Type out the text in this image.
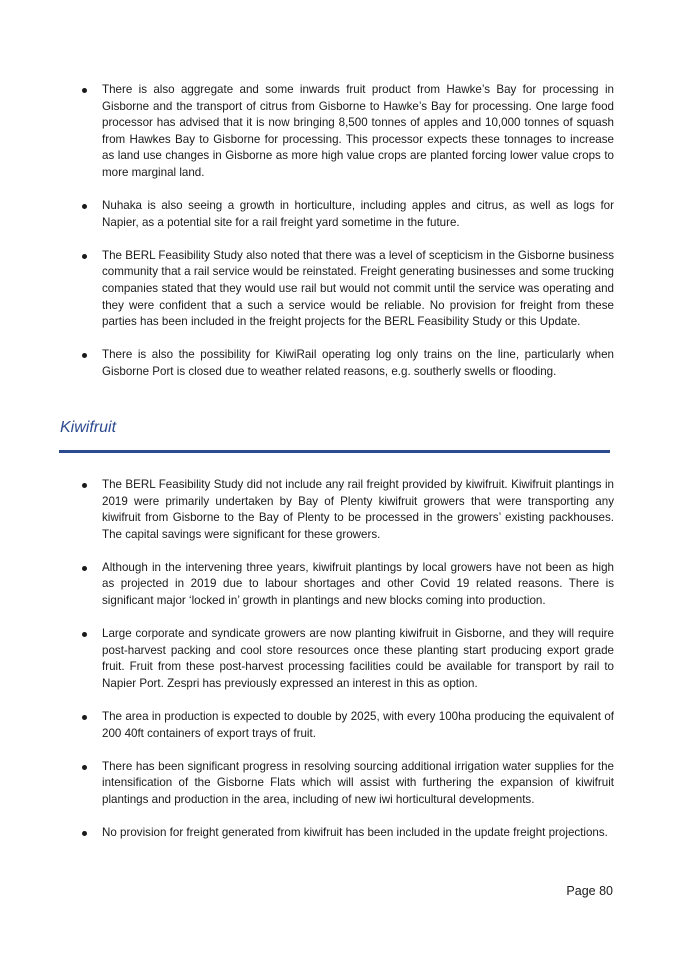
There is also aggregate and some inwards fruit product from Hawke’s Bay for processing in Gisborne and the transport of citrus from Gisborne to Hawke’s Bay for processing. One large food processor has advised that it is now bringing 8,500 tonnes of apples and 10,000 tonnes of squash from Hawkes Bay to Gisborne for processing. This processor expects these tonnages to increase as land use changes in Gisborne as more high value crops are planted forcing lower value crops to more marginal land.
Nuhaka is also seeing a growth in horticulture, including apples and citrus, as well as logs for Napier, as a potential site for a rail freight yard sometime in the future.
The BERL Feasibility Study also noted that there was a level of scepticism in the Gisborne business community that a rail service would be reinstated. Freight generating businesses and some trucking companies stated that they would use rail but would not commit until the service was operating and they were confident that a such a service would be reliable. No provision for freight from these parties has been included in the freight projects for the BERL Feasibility Study or this Update.
There is also the possibility for KiwiRail operating log only trains on the line, particularly when Gisborne Port is closed due to weather related reasons, e.g. southerly swells or flooding.
Kiwifruit
The BERL Feasibility Study did not include any rail freight provided by kiwifruit. Kiwifruit plantings in 2019 were primarily undertaken by Bay of Plenty kiwifruit growers that were transporting any kiwifruit from Gisborne to the Bay of Plenty to be processed in the growers’ existing packhouses. The capital savings were significant for these growers.
Although in the intervening three years, kiwifruit plantings by local growers have not been as high as projected in 2019 due to labour shortages and other Covid 19 related reasons. There is significant major ‘locked in’ growth in plantings and new blocks coming into production.
Large corporate and syndicate growers are now planting kiwifruit in Gisborne, and they will require post-harvest packing and cool store resources once these planting start producing export grade fruit. Fruit from these post-harvest processing facilities could be available for transport by rail to Napier Port. Zespri has previously expressed an interest in this as option.
The area in production is expected to double by 2025, with every 100ha producing the equivalent of 200 40ft containers of export trays of fruit.
There has been significant progress in resolving sourcing additional irrigation water supplies for the intensification of the Gisborne Flats which will assist with furthering the expansion of kiwifruit plantings and production in the area, including of new iwi horticultural developments.
No provision for freight generated from kiwifruit has been included in the update freight projections.
Page 80
